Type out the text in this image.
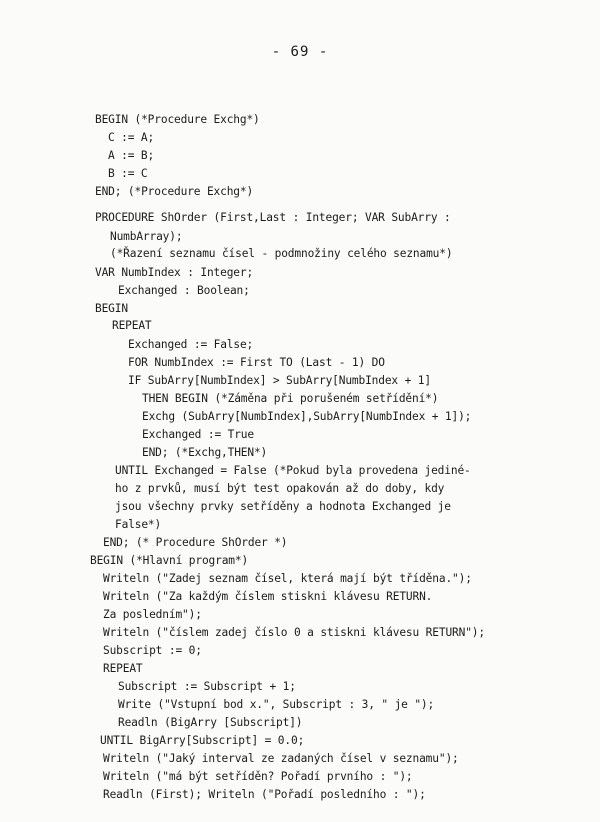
- 69 -
BEGIN (*Procedure Exchg*)
C := A;
A := B;
B := C
END; (*Procedure Exchg*)
PROCEDURE ShOrder (First,Last : Integer; VAR SubArry :
NumbArray);
(*Řazení seznamu čísel - podmnožiny celého seznamu*)
VAR NumbIndex : Integer;
Exchanged : Boolean;
BEGIN
REPEAT
Exchanged := False;
FOR NumbIndex := First TO (Last - 1) DO
IF SubArry[NumbIndex] > SubArry[NumbIndex + 1]
THEN BEGIN (*Záměna při porušeném setřídění*)
Exchg (SubArry[NumbIndex],SubArry[NumbIndex + 1]);
Exchanged := True
END; (*Exchg,THEN*)
UNTIL Exchanged = False (*Pokud byla provedena jediné-
ho z prvků, musí být test opakován až do doby, kdy
jsou všechny prvky setříděny a hodnota Exchanged je
False*)
END; (* Procedure ShOrder *)
BEGIN (*Hlavní program*)
Writeln ("Zadej seznam čísel, která mají být tříděna.");
Writeln ("Za každým číslem stiskni klávesu RETURN.
Za posledním");
Writeln ("číslem zadej číslo 0 a stiskni klávesu RETURN");
Subscript := 0;
REPEAT
Subscript := Subscript + 1;
Write ("Vstupní bod x.", Subscript : 3, " je ");
Readln (BigArry [Subscript])
UNTIL BigArry[Subscript] = 0.0;
Writeln ("Jaký interval ze zadaných čísel v seznamu");
Writeln ("má být setříděn? Pořadí prvního : ");
Readln (First); Writeln ("Pořadí posledního : ");
